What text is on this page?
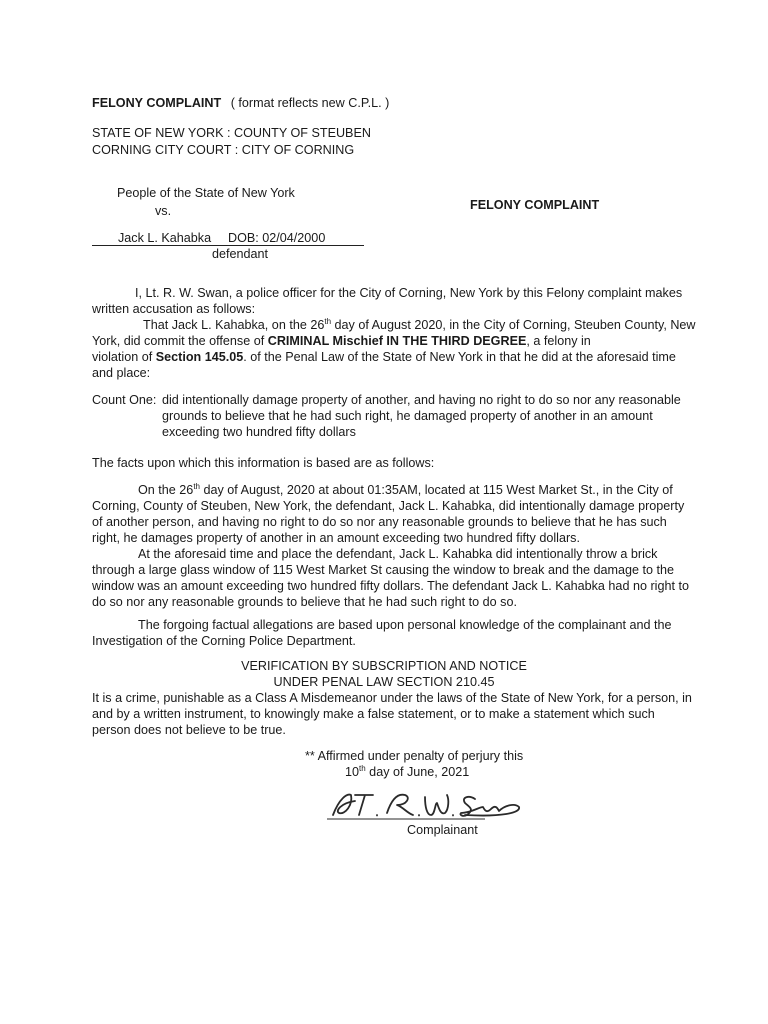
FELONY COMPLAINT ( format reflects new C.P.L. )
STATE OF NEW YORK : COUNTY OF STEUBEN
CORNING CITY COURT : CITY OF CORNING
People of the State of New York
vs.	FELONY COMPLAINT
Jack L. Kahabka DOB: 02/04/2000
defendant
I, Lt. R. W. Swan, a police officer for the City of Corning, New York by this Felony complaint makes
written accusation as follows:
That Jack L. Kahabka, on the 26th day of August 2020, in the City of Corning, Steuben County, New
York, did commit the offense of CRIMINAL Mischief IN THE THIRD DEGREE, a felony in
violation of Section 145.05. of the Penal Law of the State of New York in that he did at the aforesaid time
and place:
Count One: did intentionally damage property of another, and having no right to do so nor any reasonable
grounds to believe that he had such right, he damaged property of another in an amount
exceeding two hundred fifty dollars
The facts upon which this information is based are as follows:
On the 26th day of August, 2020 at about 01:35AM, located at 115 West Market St., in the City of
Corning, County of Steuben, New York, the defendant, Jack L. Kahabka, did intentionally damage property
of another person, and having no right to do so nor any reasonable grounds to believe that he has such
right, he damages property of another in an amount exceeding two hundred fifty dollars.
At the aforesaid time and place the defendant, Jack L. Kahabka did intentionally throw a brick
through a large glass window of 115 West Market St causing the window to break and the damage to the
window was an amount exceeding two hundred fifty dollars. The defendant Jack L. Kahabka had no right to
do so nor any reasonable grounds to believe that he had such right to do so.
The forgoing factual allegations are based upon personal knowledge of the complainant and the
Investigation of the Corning Police Department.
VERIFICATION BY SUBSCRIPTION AND NOTICE
UNDER PENAL LAW SECTION 210.45
It is a crime, punishable as a Class A Misdemeanor under the laws of the State of New York, for a person, in
and by a written instrument, to knowingly make a false statement, or to make a statement which such
person does not believe to be true.
** Affirmed under penalty of perjury this
10th day of June, 2021
Complainant
